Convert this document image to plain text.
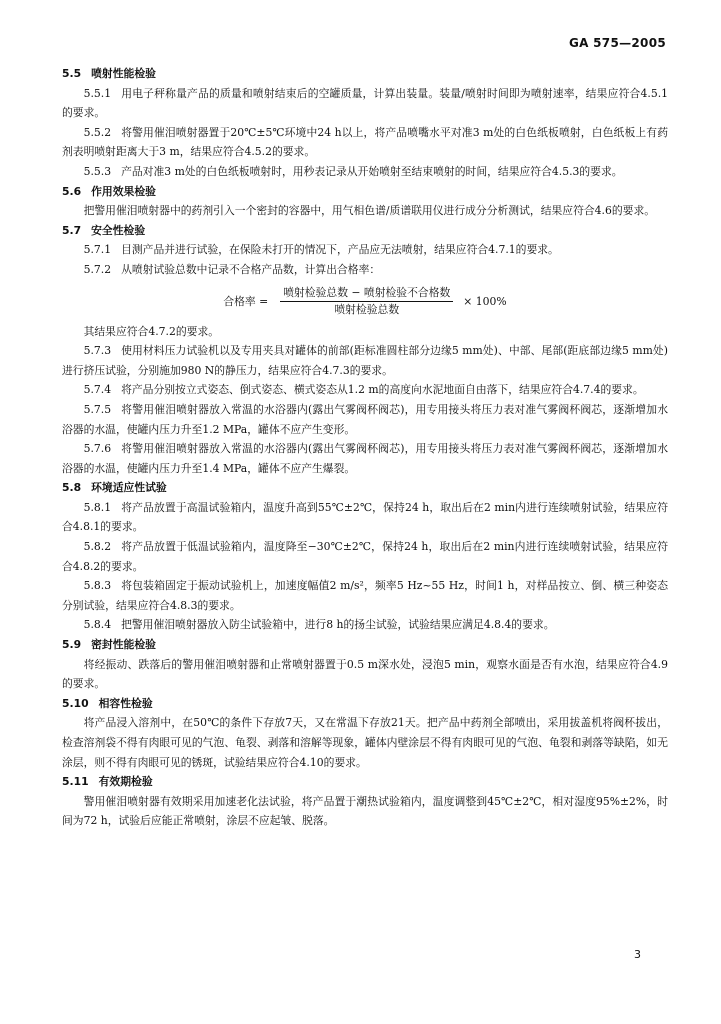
GA 575—2005

5.5 喷射性能检验

5.5.1 用电子秤称量产品的质量和喷射结束后的空罐质量，计算出装量。装量/喷射时间即为喷射速率，结果应符合4.5.1的要求。

5.5.2 将警用催泪喷射器置于20℃±5℃环境中24 h以上，将产品喷嘴水平对准3 m处的白色纸板喷射，白色纸板上有药剂表明喷射距离大于3 m，结果应符合4.5.2的要求。

5.5.3 产品对准3 m处的白色纸板喷射时，用秒表记录从开始喷射至结束喷射的时间，结果应符合4.5.3的要求。

5.6 作用效果检验

把警用催泪喷射器中的药剂引入一个密封的容器中，用气相色谱/质谱联用仪进行成分分析测试，结果应符合4.6的要求。

5.7 安全性检验

5.7.1 目测产品并进行试验，在保险未打开的情况下，产品应无法喷射，结果应符合4.7.1的要求。

5.7.2 从喷射试验总数中记录不合格产品数，计算出合格率：

合格率 = $\frac{\text{喷射检验总数 − 喷射检验不合格数}}{\text{喷射检验总数}} \times 100\%$

其结果应符合4.7.2的要求。

5.7.3 使用材料压力试验机以及专用夹具对罐体的前部(距标准圆柱部分边缘5 mm处)、中部、尾部(距底部边缘5 mm处)进行挤压试验，分别施加980 N的静压力，结果应符合4.7.3的要求。

5.7.4 将产品分别按立式姿态、倒式姿态、横式姿态从1.2 m的高度向水泥地面自由落下，结果应符合4.7.4的要求。

5.7.5 将警用催泪喷射器放入常温的水浴器内(露出气雾阀杯阀芯)，用专用接头将压力表对准气雾阀杯阀芯，逐渐增加水浴器的水温，使罐内压力升至1.2 MPa，罐体不应产生变形。

5.7.6 将警用催泪喷射器放入常温的水浴器内(露出气雾阀杯阀芯)，用专用接头将压力表对准气雾阀杯阀芯，逐渐增加水浴器的水温，使罐内压力升至1.4 MPa，罐体不应产生爆裂。

5.8 环境适应性试验

5.8.1 将产品放置于高温试验箱内，温度升高到55℃±2℃，保持24 h，取出后在2 min内进行连续喷射试验，结果应符合4.8.1的要求。

5.8.2 将产品放置于低温试验箱内，温度降至−30℃±2℃，保持24 h，取出后在2 min内进行连续喷射试验，结果应符合4.8.2的要求。

5.8.3 将包装箱固定于振动试验机上，加速度幅值2 m/s²，频率5 Hz~55 Hz，时间1 h，对样品按立、倒、横三种姿态分别试验，结果应符合4.8.3的要求。

5.8.4 把警用催泪喷射器放入防尘试验箱中，进行8 h的扬尘试验，试验结果应满足4.8.4的要求。

5.9 密封性能检验

将经振动、跌落后的警用催泪喷射器和止常喷射器置于0.5 m深水处，浸泡5 min，观察水面是否有水泡，结果应符合4.9的要求。

5.10 相容性检验

将产品浸入溶剂中，在50℃的条件下存放7天，又在常温下存放21天。把产品中药剂全部喷出，采用拔盖机将阀杯拔出，检查溶剂袋不得有肉眼可见的气泡、龟裂、剥落和溶解等现象，罐体内壁涂层不得有肉眼可见的气泡、龟裂和剥落等缺陷，如无涂层，则不得有肉眼可见的锈斑，试验结果应符合4.10的要求。

5.11 有效期检验

警用催泪喷射器有效期采用加速老化法试验，将产品置于潮热试验箱内，温度调整到45℃±2℃，相对湿度95%±2%，时间为72 h，试验后应能正常喷射，涂层不应起皱、脱落。

3
